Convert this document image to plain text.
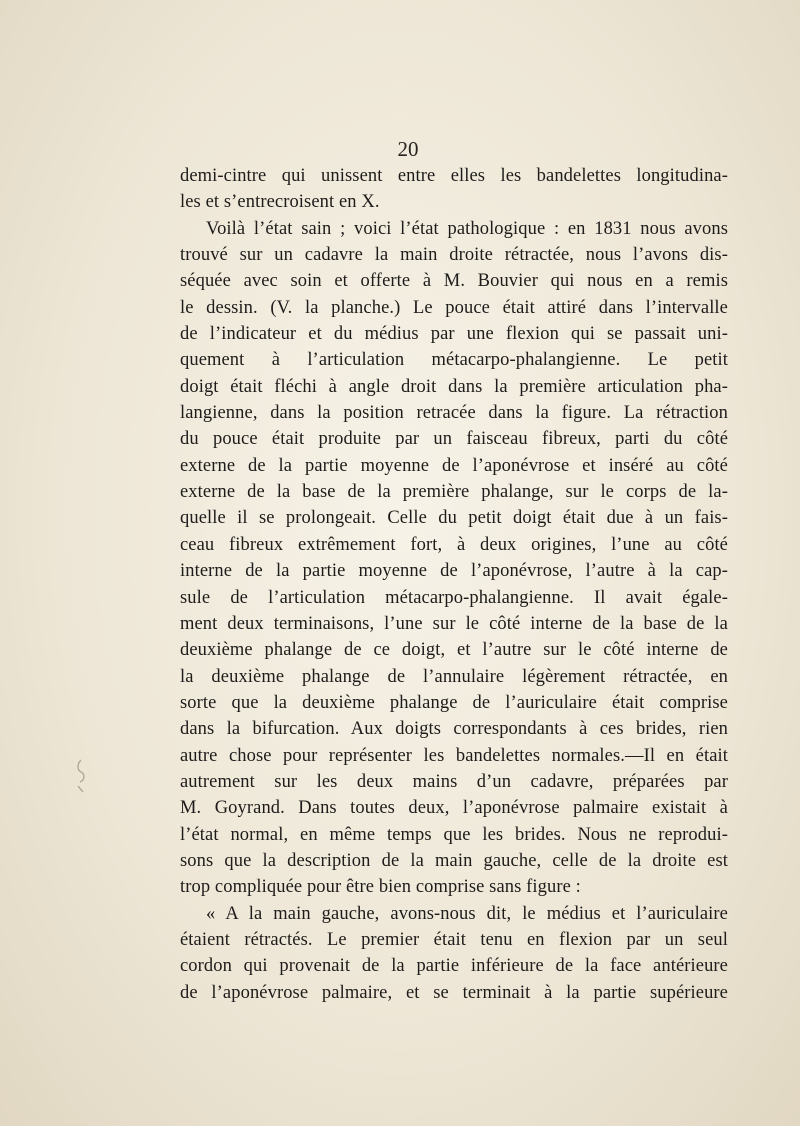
20
demi-cintre qui unissent entre elles les bandelettes longitudina-
les et s’entrecroisent en X.
Voilà l’état sain ; voici l’état pathologique : en 1831 nous avons
trouvé sur un cadavre la main droite rétractée, nous l’avons dis-
séquée avec soin et offerte à M. Bouvier qui nous en a remis
le dessin. (V. la planche.) Le pouce était attiré dans l’intervalle
de l’indicateur et du médius par une flexion qui se passait uni-
quement à l’articulation métacarpo-phalangienne. Le petit
doigt était fléchi à angle droit dans la première articulation pha-
langienne, dans la position retracée dans la figure. La rétraction
du pouce était produite par un faisceau fibreux, parti du côté
externe de la partie moyenne de l’aponévrose et inséré au côté
externe de la base de la première phalange, sur le corps de la-
quelle il se prolongeait. Celle du petit doigt était due à un fais-
ceau fibreux extrêmement fort, à deux origines, l’une au côté
interne de la partie moyenne de l’aponévrose, l’autre à la cap-
sule de l’articulation métacarpo-phalangienne. Il avait égale-
ment deux terminaisons, l’une sur le côté interne de la base de la
deuxième phalange de ce doigt, et l’autre sur le côté interne de
la deuxième phalange de l’annulaire légèrement rétractée, en
sorte que la deuxième phalange de l’auriculaire était comprise
dans la bifurcation. Aux doigts correspondants à ces brides, rien
autre chose pour représenter les bandelettes normales.—Il en était
autrement sur les deux mains d’un cadavre, préparées par
M. Goyrand. Dans toutes deux, l’aponévrose palmaire existait à
l’état normal, en même temps que les brides. Nous ne reprodui-
sons que la description de la main gauche, celle de la droite est
trop compliquée pour être bien comprise sans figure :
« A la main gauche, avons-nous dit, le médius et l’auriculaire
étaient rétractés. Le premier était tenu en flexion par un seul
cordon qui provenait de la partie inférieure de la face antérieure
de l’aponévrose palmaire, et se terminait à la partie supérieure
